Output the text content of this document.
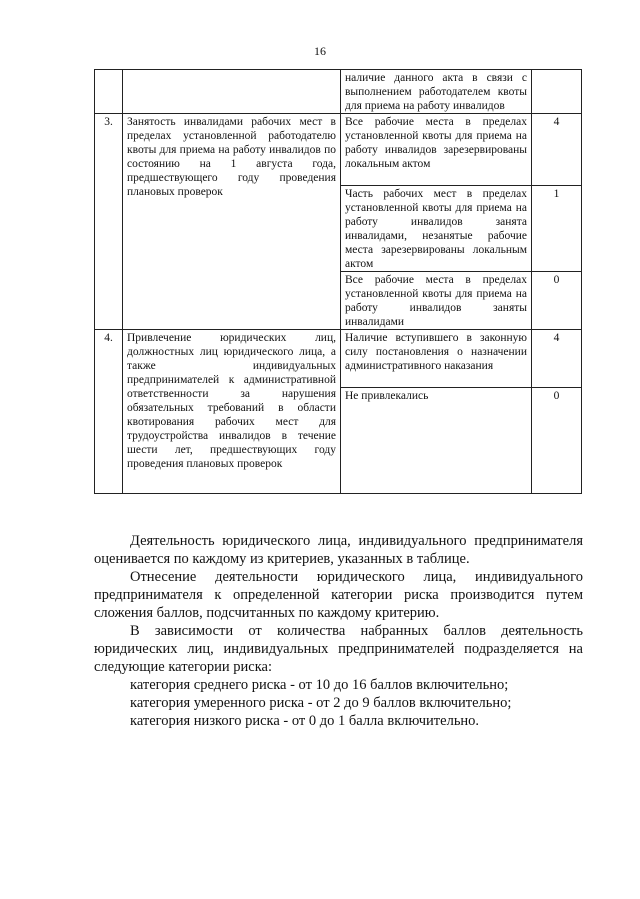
16
		наличие данного акта в связи с выполнением работодателем квоты для приема на работу инвалидов	
3.	Занятость инвалидами рабочих мест в пределах установленной работодателю квоты для приема на работу инвалидов по состоянию на 1 августа года, предшествующего году проведения плановых проверок	Все рабочие места в пределах установленной квоты для приема на работу инвалидов зарезервированы локальным актом	4
		Часть рабочих мест в пределах установленной квоты для приема на работу инвалидов занята инвалидами, незанятые рабочие места зарезервированы локальным актом	1
		Все рабочие места в пределах установленной квоты для приема на работу инвалидов заняты инвалидами	0
4.	Привлечение юридических лиц, должностных лиц юридического лица, а также индивидуальных предпринимателей к административной ответственности за нарушения обязательных требований в области квотирования рабочих мест для трудоустройства инвалидов в течение шести лет, предшествующих году проведения плановых проверок	Наличие вступившего в законную силу постановления о назначении административного наказания	4
		Не привлекались	0

Деятельность юридического лица, индивидуального предпринимателя оценивается по каждому из критериев, указанных в таблице.

Отнесение деятельности юридического лица, индивидуального предпринимателя к определенной категории риска производится путем сложения баллов, подсчитанных по каждому критерию.

В зависимости от количества набранных баллов деятельность юридических лиц, индивидуальных предпринимателей подразделяется на следующие категории риска:

категория среднего риска - от 10 до 16 баллов включительно;

категория умеренного риска - от 2 до 9 баллов включительно;

категория низкого риска - от 0 до 1 балла включительно.
